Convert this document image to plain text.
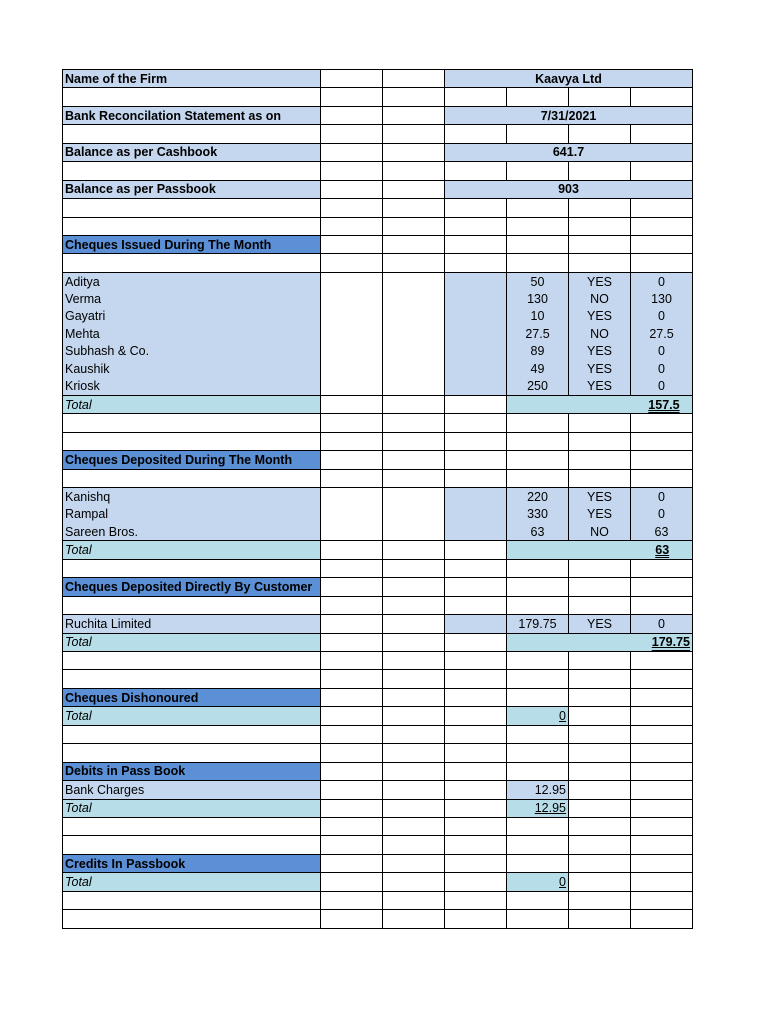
Name of the Firm			Kaavya Ltd			

Bank Reconcilation Statement as on			7/31/2021			

Balance as per Cashbook			641.7			

Balance as per Passbook			903			

Cheques Issued During The Month						

Aditya				50	YES	0
Verma				130	NO	130
Gayatri				10	YES	0
Mehta				27.5	NO	27.5
Subhash & Co.				89	YES	0
Kaushik				49	YES	0
Kriosk				250	YES	0
Total				157.5		

Cheques Deposited During The Month						

Kanishq				220	YES	0
Rampal				330	YES	0
Sareen Bros.				63	NO	63
Total				63		

Cheques Deposited Directly By Customer						

Ruchita Limited				179.75	YES	0
Total				179.75		

Cheques Dishonoured						
Total				0		

Debits in Pass Book						
Bank Charges				12.95		
Total				12.95		

Credits In Passbook						
Total				0		
